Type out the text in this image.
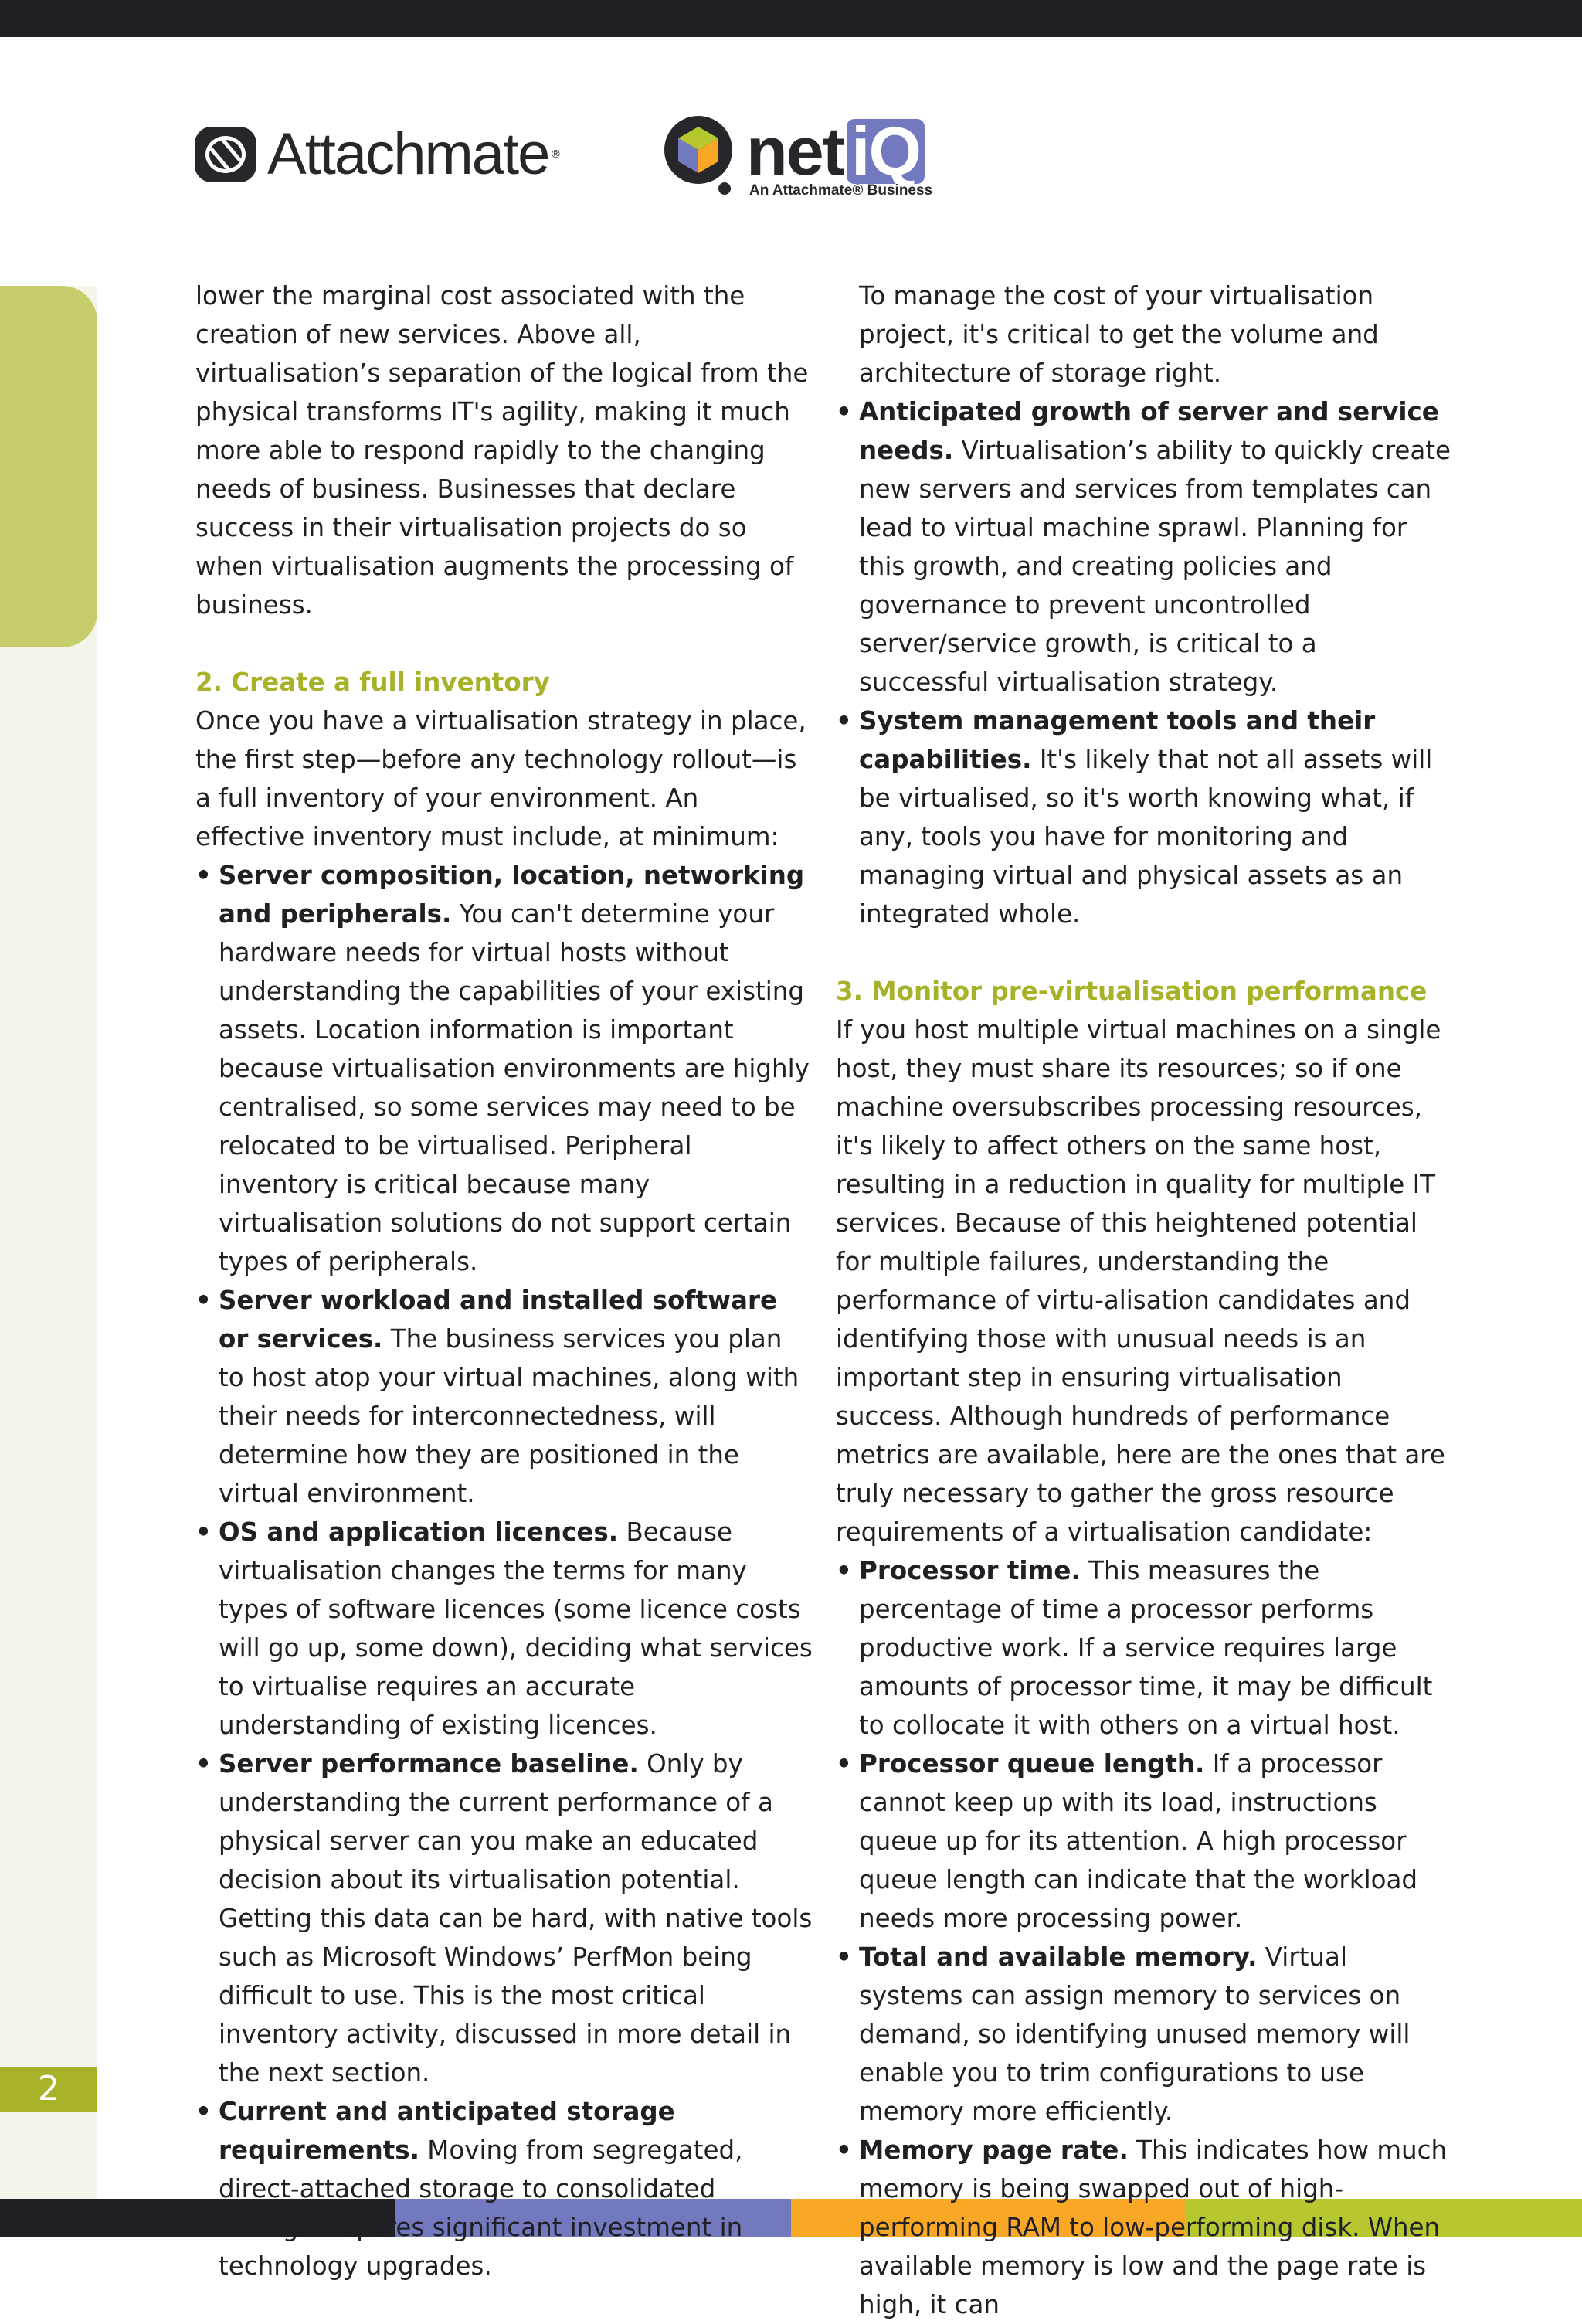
2
Attachmate ®	net iQ
An Attachmate® Business

lower the marginal cost associated with the creation of new services. Above all, virtualisation’s separation of the logical from the physical transforms IT's agility, making it much more able to respond rapidly to the changing needs of business. Businesses that declare success in their virtualisation projects do so when virtualisation augments the processing of business.

2. Create a full inventory

Once you have a virtualisation strategy in place, the first step—before any technology rollout—is a full inventory of your environment. An effective inventory must include, at minimum:

• Server composition, location, networking and peripherals. You can't determine your hardware needs for virtual hosts without understanding the capabilities of your existing assets. Location information is important because virtualisation environments are highly centralised, so some services may need to be relocated to be virtualised. Peripheral inventory is critical because many virtualisation solutions do not support certain types of peripherals.
• Server workload and installed software or services. The business services you plan to host atop your virtual machines, along with their needs for interconnectedness, will determine how they are positioned in the virtual environment.
• OS and application licences. Because virtualisation changes the terms for many types of software licences (some licence costs will go up, some down), deciding what services to virtualise requires an accurate understanding of existing licences.
• Server performance baseline. Only by understanding the current performance of a physical server can you make an educated decision about its virtualisation potential. Getting this data can be hard, with native tools such as Microsoft Windows’ PerfMon being difficult to use. This is the most critical inventory activity, discussed in more detail in the next section.
• Current and anticipated storage requirements. Moving from segregated, direct-attached storage to consolidated storage requires significant investment in technology upgrades.

To manage the cost of your virtualisation project, it's critical to get the volume and architecture of storage right.

• Anticipated growth of server and service needs. Virtualisation’s ability to quickly create new servers and services from templates can lead to virtual machine sprawl. Planning for this growth, and creating policies and governance to prevent uncontrolled server/service growth, is critical to a successful virtualisation strategy.
• System management tools and their capabilities. It's likely that not all assets will be virtualised, so it's worth knowing what, if any, tools you have for monitoring and managing virtual and physical assets as an integrated whole.
3. Monitor pre-virtualisation performance

If you host multiple virtual machines on a single host, they must share its resources; so if one machine oversubscribes processing resources, it's likely to affect others on the same host, resulting in a reduction in quality for multiple IT services. Because of this heightened potential for multiple failures, understanding the performance of virtu-alisation candidates and identifying those with unusual needs is an important step in ensuring virtualisation success. Although hundreds of performance metrics are available, here are the ones that are truly necessary to gather the gross resource requirements of a virtualisation candidate:

• Processor time. This measures the percentage of time a processor performs productive work. If a service requires large amounts of processor time, it may be difficult to collocate it with others on a virtual host.
• Processor queue length. If a processor cannot keep up with its load, instructions queue up for its attention. A high processor queue length can indicate that the workload needs more processing power.
• Total and available memory. Virtual systems can assign memory to services on demand, so identifying unused memory will enable you to trim configurations to use memory more efficiently.
• Memory page rate. This indicates how much memory is being swapped out of high-performing RAM to low-performing disk. When available memory is low and the page rate is high, it can
